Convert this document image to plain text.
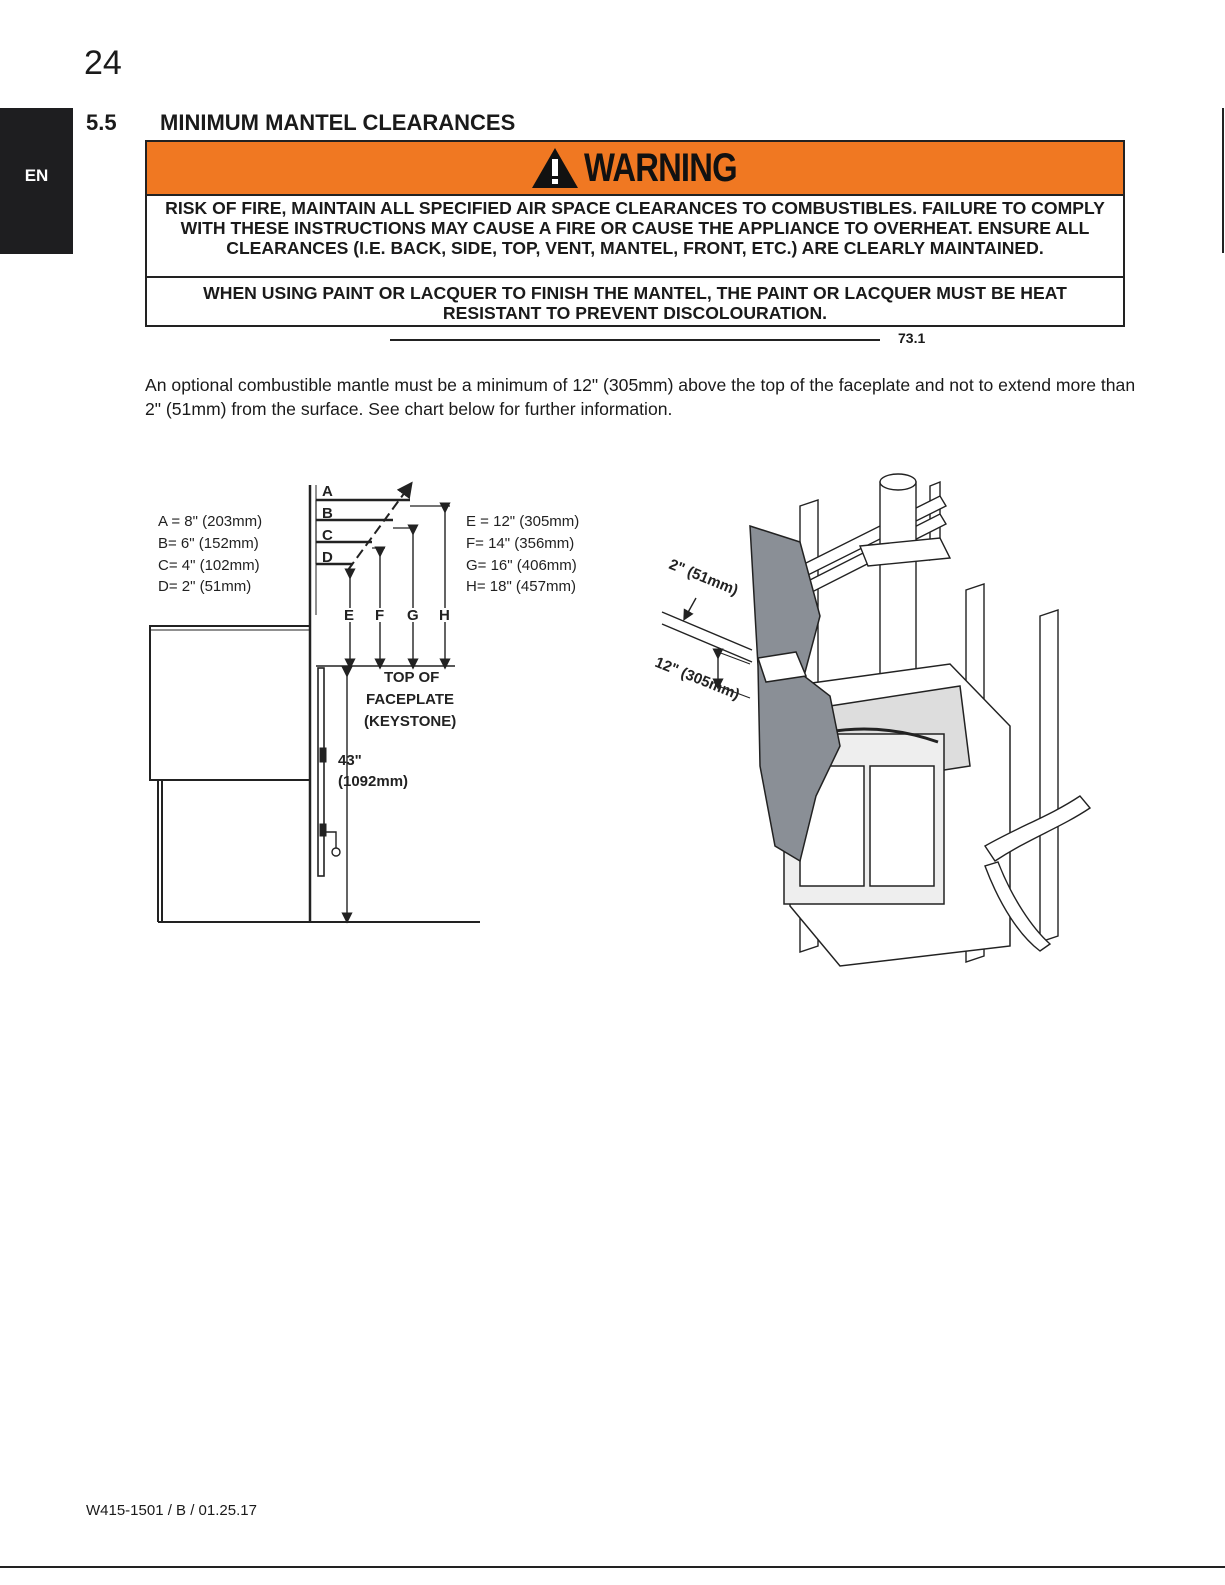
24
EN
5.5 MINIMUM MANTEL CLEARANCES
WARNING
RISK OF FIRE, MAINTAIN ALL SPECIFIED AIR SPACE CLEARANCES TO COMBUSTIBLES. FAILURE TO COMPLY WITH THESE INSTRUCTIONS MAY CAUSE A FIRE OR CAUSE THE APPLIANCE TO OVERHEAT. ENSURE ALL CLEARANCES (I.E. BACK, SIDE, TOP, VENT, MANTEL, FRONT, ETC.) ARE CLEARLY MAINTAINED.
WHEN USING PAINT OR LACQUER TO FINISH THE MANTEL, THE PAINT OR LACQUER MUST BE HEAT RESISTANT TO PREVENT DISCOLOURATION.
73.1
An optional combustible mantle must be a minimum of 12" (305mm) above the top of the faceplate and not to extend more than 2" (51mm) from the surface. See chart below for further information.
A
B
C
D
E F G H
A = 8" (203mm)
B= 6" (152mm)
C= 4" (102mm)
D= 2" (51mm)
E = 12" (305mm)
F= 14" (356mm)
G= 16" (406mm)
H= 18" (457mm)
TOP OF
FACEPLATE
(KEYSTONE)
43"
(1092mm)
2" (51mm)
12" (305mm)
W415-1501 / B / 01.25.17
